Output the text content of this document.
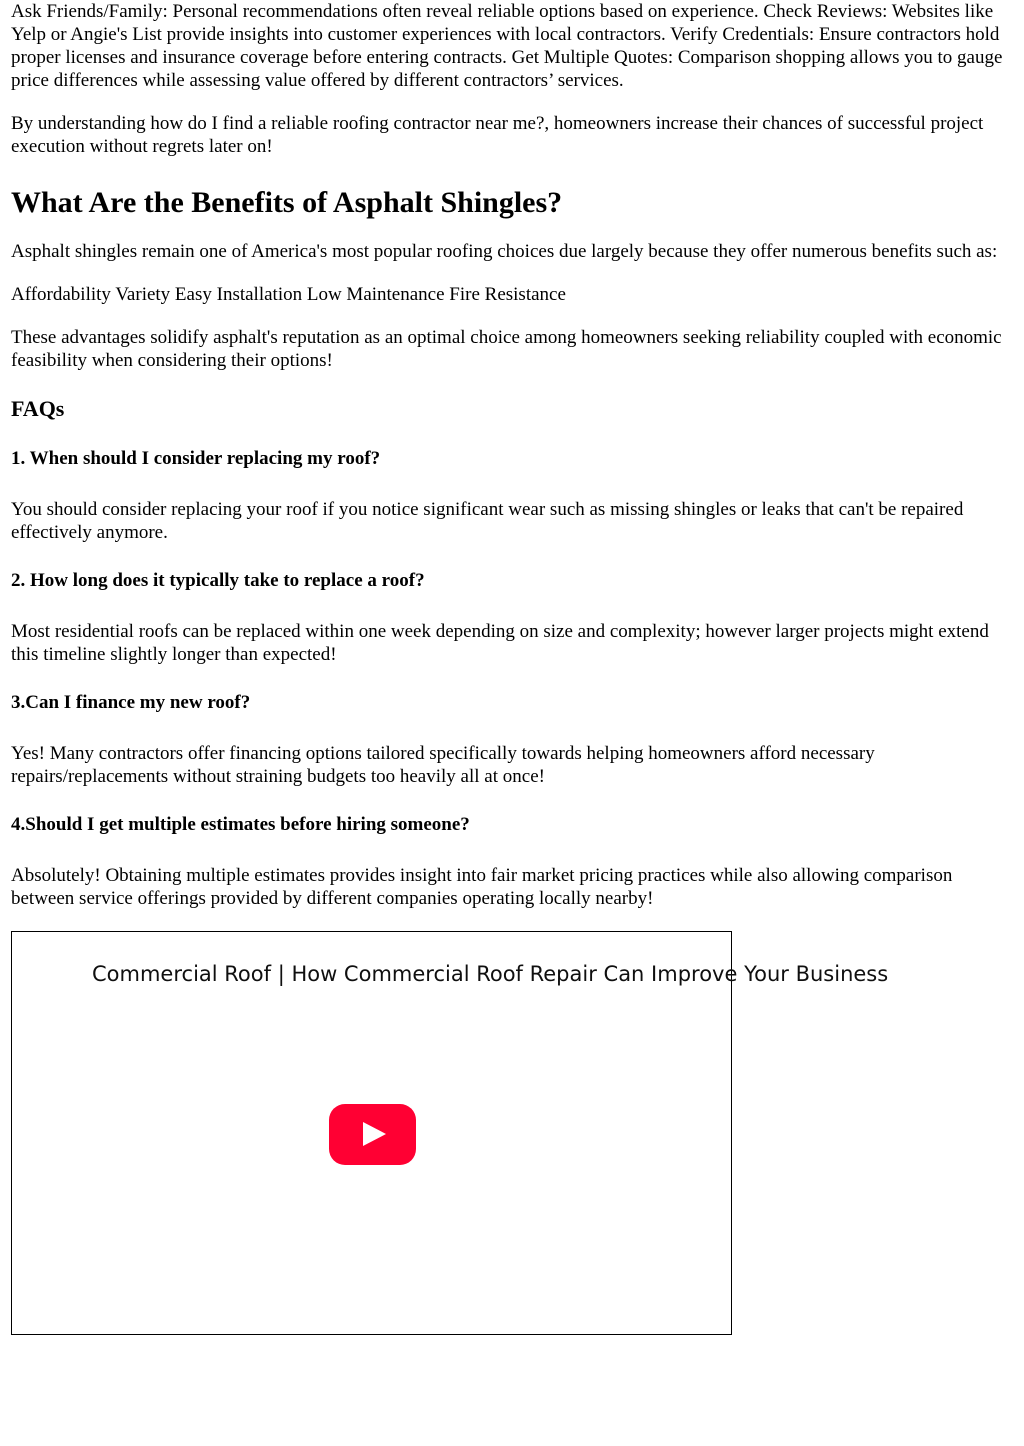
Ask Friends/Family: Personal recommendations often reveal reliable options based on experience. Check Reviews: Websites like Yelp or Angie's List provide insights into customer experiences with local contractors. Verify Credentials: Ensure contractors hold proper licenses and insurance coverage before entering contracts. Get Multiple Quotes: Comparison shopping allows you to gauge price differences while assessing value offered by different contractors’ services.

By understanding how do I find a reliable roofing contractor near me?, homeowners increase their chances of successful project execution without regrets later on!

What Are the Benefits of Asphalt Shingles?

Asphalt shingles remain one of America's most popular roofing choices due largely because they offer numerous benefits such as:

Affordability Variety Easy Installation Low Maintenance Fire Resistance

These advantages solidify asphalt's reputation as an optimal choice among homeowners seeking reliability coupled with economic feasibility when considering their options!

FAQs
1. When should I consider replacing my roof?

You should consider replacing your roof if you notice significant wear such as missing shingles or leaks that can't be repaired effectively anymore.

2. How long does it typically take to replace a roof?

Most residential roofs can be replaced within one week depending on size and complexity; however larger projects might extend this timeline slightly longer than expected!

3.Can I finance my new roof?

Yes! Many contractors offer financing options tailored specifically towards helping homeowners afford necessary repairs/replacements without straining budgets too heavily all at once!

4.Should I get multiple estimates before hiring someone?

Absolutely! Obtaining multiple estimates provides insight into fair market pricing practices while also allowing comparison between service offerings provided by different companies operating locally nearby!

Commercial Roof | How Commercial Roof Repair Can Improve Your Business
